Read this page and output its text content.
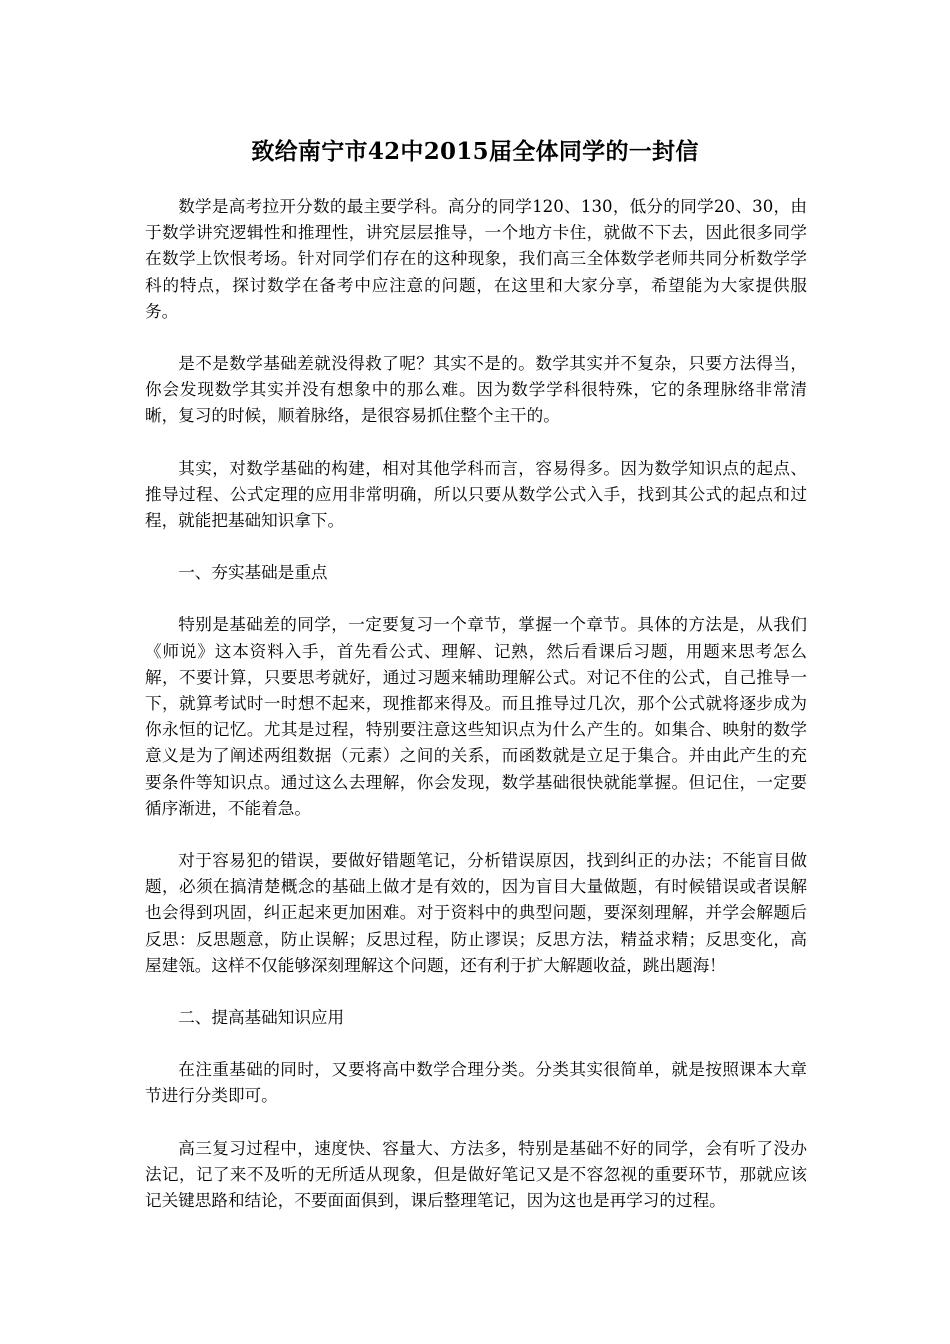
致给南宁市42中2015届全体同学的一封信

数学是高考拉开分数的最主要学科。高分的同学120、130，低分的同学20、30，由于数学讲究逻辑性和推理性，讲究层层推导，一个地方卡住，就做不下去，因此很多同学在数学上饮恨考场。针对同学们存在的这种现象，我们高三全体数学老师共同分析数学学科的特点，探讨数学在备考中应注意的问题，在这里和大家分享，希望能为大家提供服务。

是不是数学基础差就没得救了呢？其实不是的。数学其实并不复杂，只要方法得当，你会发现数学其实并没有想象中的那么难。因为数学学科很特殊，它的条理脉络非常清晰，复习的时候，顺着脉络，是很容易抓住整个主干的。

其实，对数学基础的构建，相对其他学科而言，容易得多。因为数学知识点的起点、推导过程、公式定理的应用非常明确，所以只要从数学公式入手，找到其公式的起点和过程，就能把基础知识拿下。

一、夯实基础是重点

特别是基础差的同学，一定要复习一个章节，掌握一个章节。具体的方法是，从我们《师说》这本资料入手，首先看公式、理解、记熟，然后看课后习题，用题来思考怎么解，不要计算，只要思考就好，通过习题来辅助理解公式。对记不住的公式，自己推导一下，就算考试时一时想不起来，现推都来得及。而且推导过几次，那个公式就将逐步成为你永恒的记忆。尤其是过程，特别要注意这些知识点为什么产生的。如集合、映射的数学意义是为了阐述两组数据（元素）之间的关系，而函数就是立足于集合。并由此产生的充要条件等知识点。通过这么去理解，你会发现，数学基础很快就能掌握。但记住，一定要循序渐进，不能着急。

对于容易犯的错误，要做好错题笔记，分析错误原因，找到纠正的办法；不能盲目做题，必须在搞清楚概念的基础上做才是有效的，因为盲目大量做题，有时候错误或者误解也会得到巩固，纠正起来更加困难。对于资料中的典型问题，要深刻理解，并学会解题后反思：反思题意，防止误解；反思过程，防止谬误；反思方法，精益求精；反思变化，高屋建瓴。这样不仅能够深刻理解这个问题，还有利于扩大解题收益，跳出题海！

二、提高基础知识应用

在注重基础的同时，又要将高中数学合理分类。分类其实很简单，就是按照课本大章节进行分类即可。

高三复习过程中，速度快、容量大、方法多，特别是基础不好的同学，会有听了没办法记，记了来不及听的无所适从现象，但是做好笔记又是不容忽视的重要环节，那就应该记关键思路和结论，不要面面俱到，课后整理笔记，因为这也是再学习的过程。
